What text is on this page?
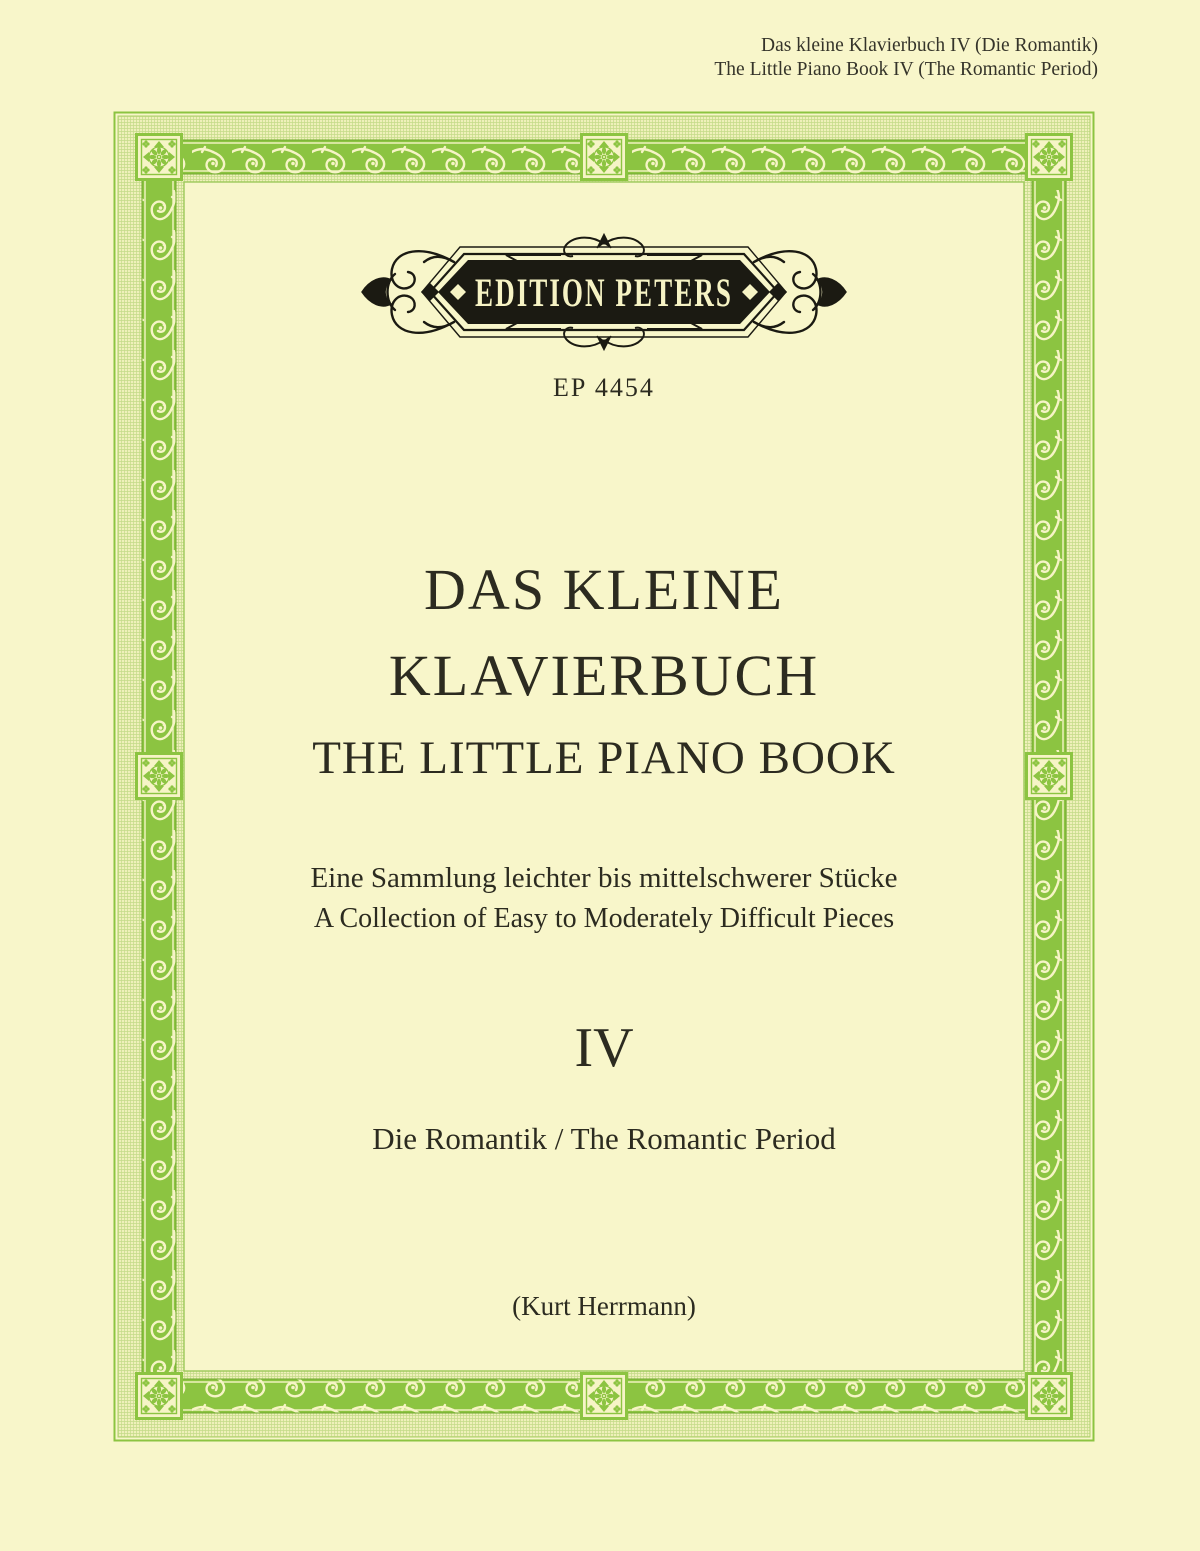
Das kleine Klavierbuch IV (Die Romantik)
The Little Piano Book IV (The Romantic Period)
EDITION PETERS
EP 4454
DAS KLEINE
KLAVIERBUCH
THE LITTLE PIANO BOOK
Eine Sammlung leichter bis mittelschwerer Stücke
A Collection of Easy to Moderately Difficult Pieces
IV
Die Romantik / The Romantic Period
(Kurt Herrmann)
